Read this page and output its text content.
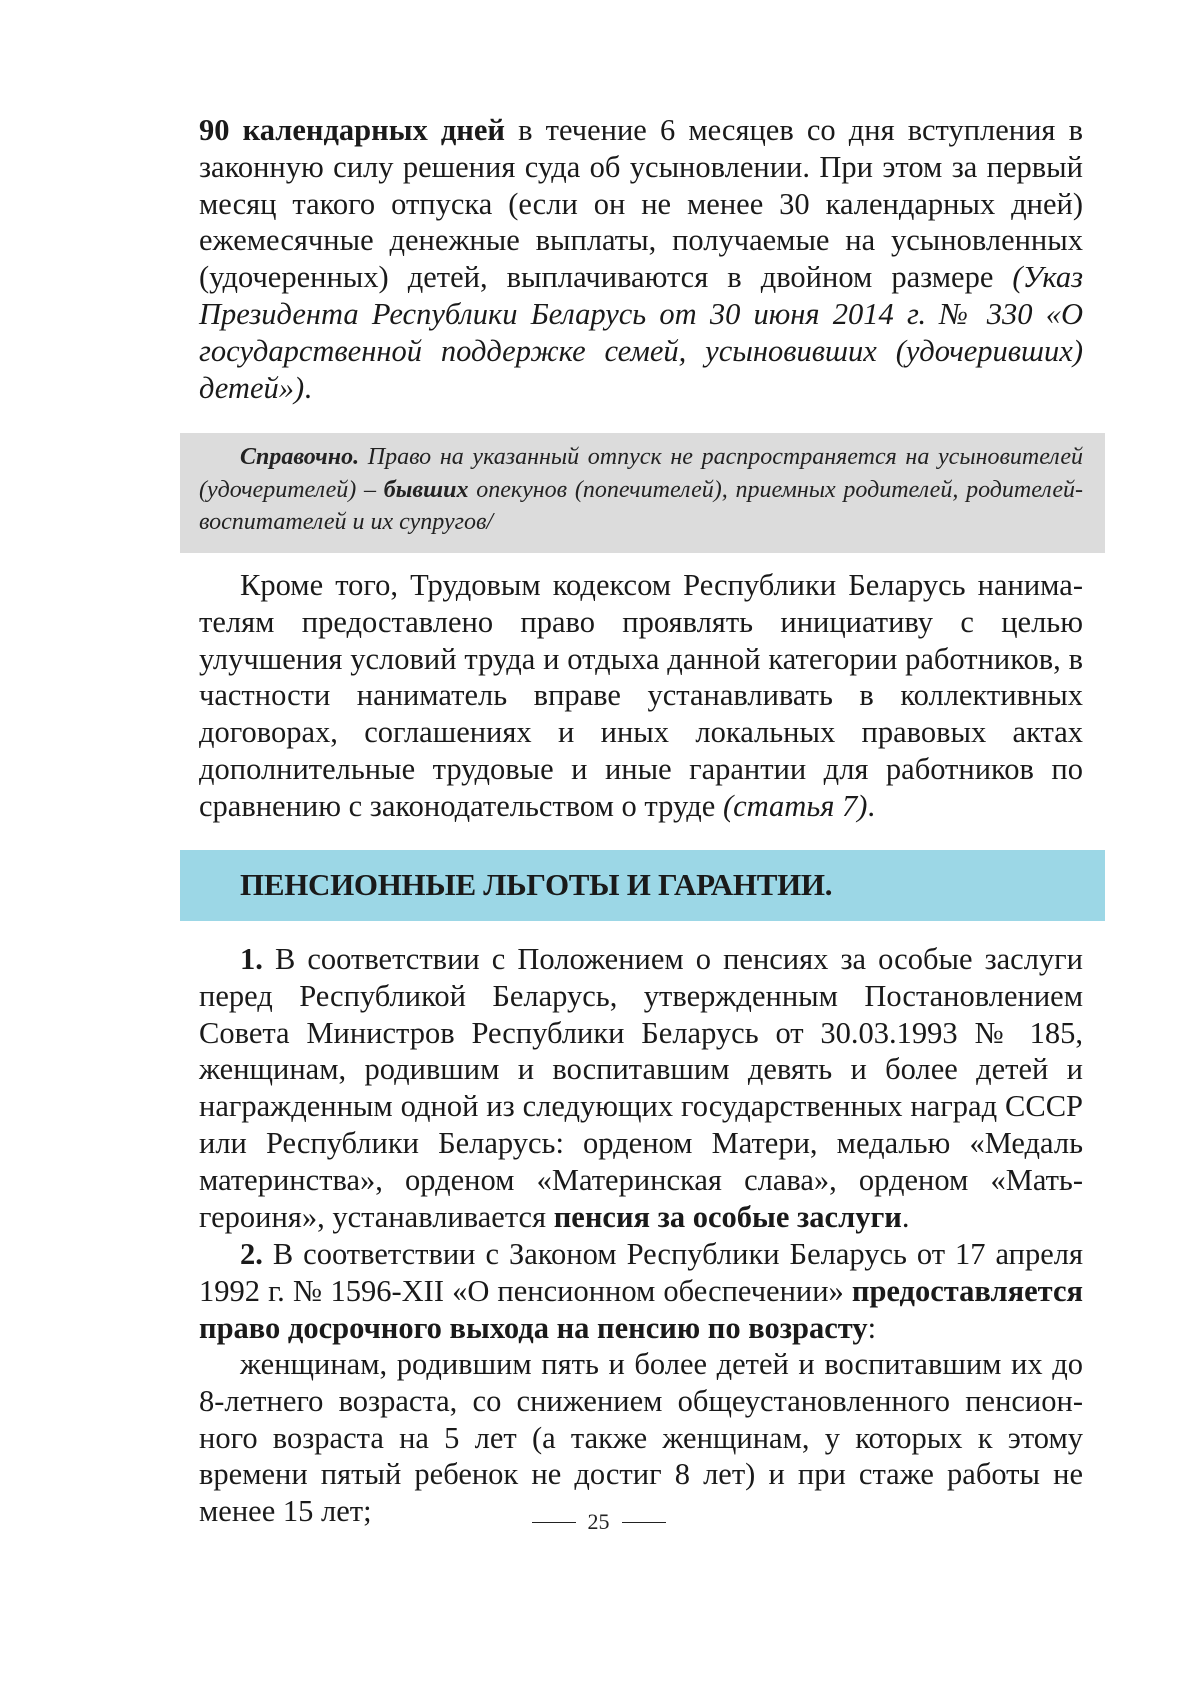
90 календарных дней в течение 6 месяцев со дня вступления в законную силу решения суда об усыновлении. При этом за первый месяц такого отпуска (если он не менее 30 календарных дней) ежемесячные денежные выплаты, получаемые на усыновленных (удочеренных) детей, выплачиваются в двойном размере (Указ Президента Республики Беларусь от 30 июня 2014 г. № 330 «О государственной поддержке семей, усыновивших (удочеривших) детей»).

Справочно. Право на указанный отпуск не распространяется на усыновителей (удочерителей) – бывших опекунов (попечителей), приемных родителей, родителей-воспитателей и их супругов/

Кроме того, Трудовым кодексом Республики Беларусь нанимателям предоставлено право проявлять инициативу с целью улучшения условий труда и отдыха данной категории работников, в частности наниматель вправе устанавливать в коллективных договорах, соглашениях и иных локальных правовых актах дополнительные трудовые и иные гарантии для работников по сравнению с законодательством о труде (статья 7).

ПЕНСИОННЫЕ ЛЬГОТЫ И ГАРАНТИИ.

1. В соответствии с Положением о пенсиях за особые заслуги перед Республикой Беларусь, утвержденным Постановлением Совета Министров Республики Беларусь от 30.03.1993 № 185, женщинам, родившим и воспитавшим девять и более детей и награжденным одной из следующих государственных наград СССР или Республики Беларусь: орденом Матери, медалью «Медаль материнства», орденом «Материнская слава», орденом «Мать-героиня», устанавливается пенсия за особые заслуги.

2. В соответствии с Законом Республики Беларусь от 17 апреля 1992 г. № 1596-XII «О пенсионном обеспечении» предоставляется право досрочного выхода на пенсию по возрасту:

женщинам, родившим пять и более детей и воспитавшим их до 8-летнего возраста, со снижением общеустановленного пенсионного возраста на 5 лет (а также женщинам, у которых к этому времени пятый ребенок не достиг 8 лет) и при стаже работы не менее 15 лет;	25
